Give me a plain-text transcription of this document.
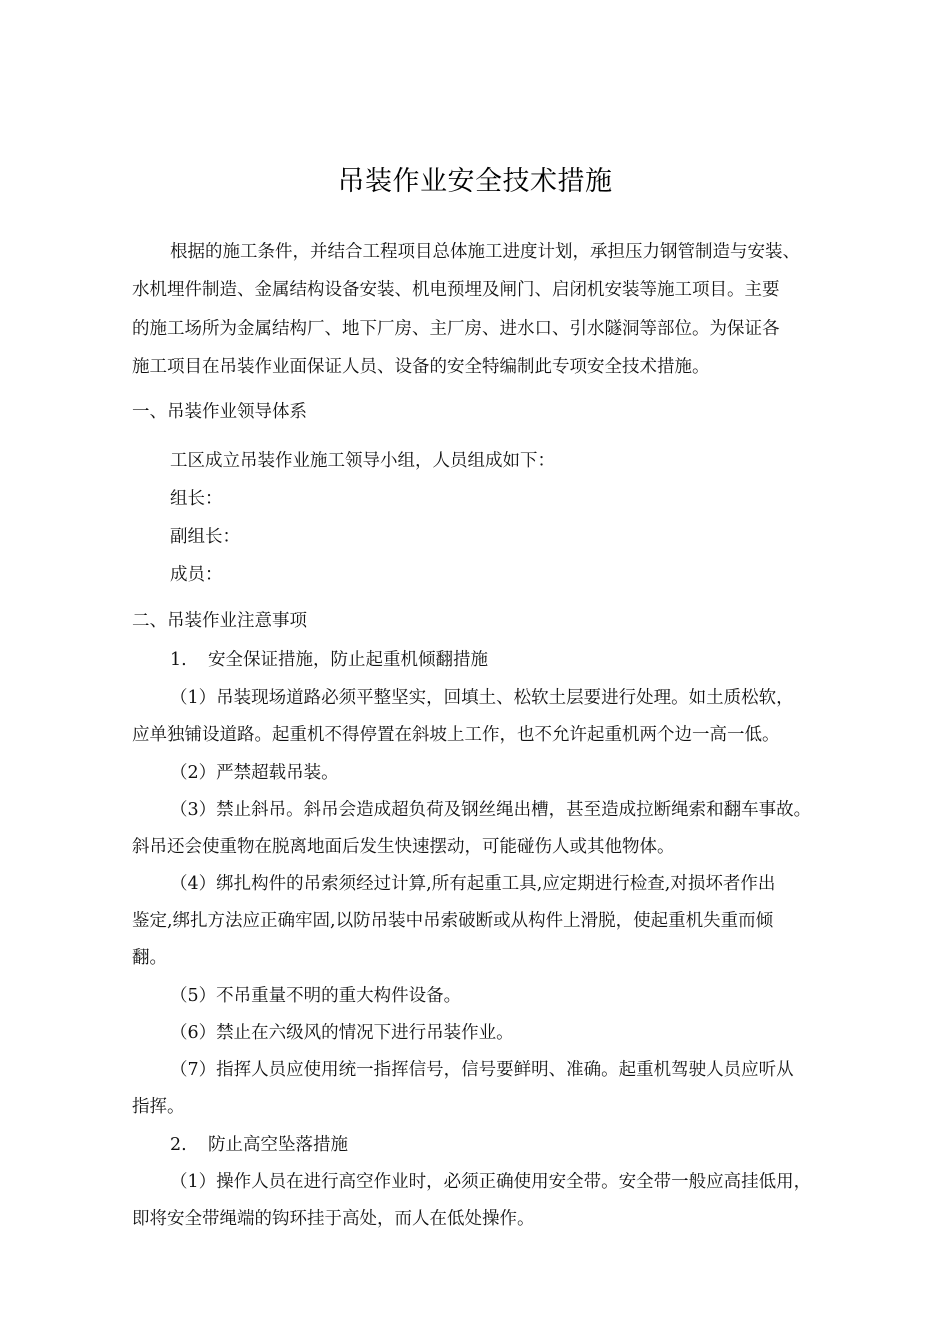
吊装作业安全技术措施
根据的施工条件，并结合工程项目总体施工进度计划，承担压力钢管制造与安装、
水机埋件制造、金属结构设备安装、机电预埋及闸门、启闭机安装等施工项目。主要
的施工场所为金属结构厂、地下厂房、主厂房、进水口、引水隧洞等部位。为保证各
施工项目在吊装作业面保证人员、设备的安全特编制此专项安全技术措施。
一、吊装作业领导体系
工区成立吊装作业施工领导小组，人员组成如下：
组长：
副组长：
成员：
二、吊装作业注意事项
1. 安全保证措施，防止起重机倾翻措施
（1）吊装现场道路必须平整坚实，回填土、松软土层要进行处理。如土质松软，
应单独铺设道路。起重机不得停置在斜坡上工作，也不允许起重机两个边一高一低。
（2）严禁超载吊装。
（3）禁止斜吊。斜吊会造成超负荷及钢丝绳出槽，甚至造成拉断绳索和翻车事故。
斜吊还会使重物在脱离地面后发生快速摆动，可能碰伤人或其他物体。
（4）绑扎构件的吊索须经过计算,所有起重工具,应定期进行检查,对损坏者作出
鉴定,绑扎方法应正确牢固,以防吊装中吊索破断或从构件上滑脱，使起重机失重而倾
翻。
（5）不吊重量不明的重大构件设备。
（6）禁止在六级风的情况下进行吊装作业。
（7）指挥人员应使用统一指挥信号，信号要鲜明、准确。起重机驾驶人员应听从
指挥。
2. 防止高空坠落措施
（1）操作人员在进行高空作业时，必须正确使用安全带。安全带一般应高挂低用，
即将安全带绳端的钩环挂于高处，而人在低处操作。
